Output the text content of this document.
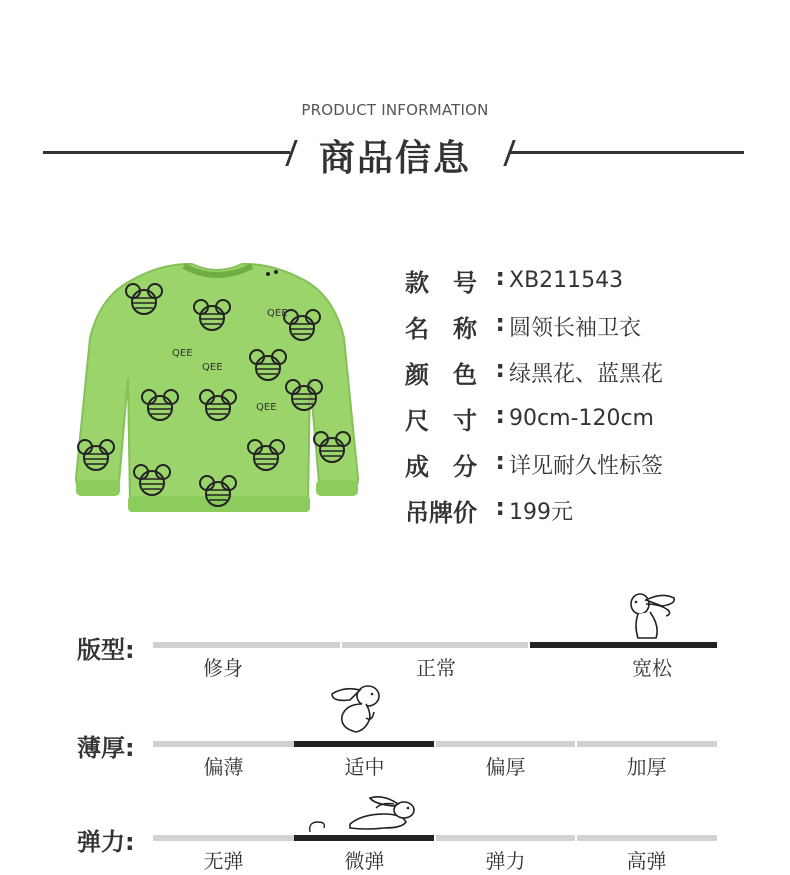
PRODUCT INFORMATION
商品信息
QEE
QEE
QEE
QEE
款　号 : XB211543
名　称 : 圆领长袖卫衣
颜　色 : 绿黑花、蓝黑花
尺　寸 : 90cm-120cm
成　分 : 详见耐久性标签
吊牌价 : 199元
版型:
修身	正常	宽松
薄厚:
偏薄	适中	偏厚	加厚
弹力:
无弹	微弹	弹力	高弹
